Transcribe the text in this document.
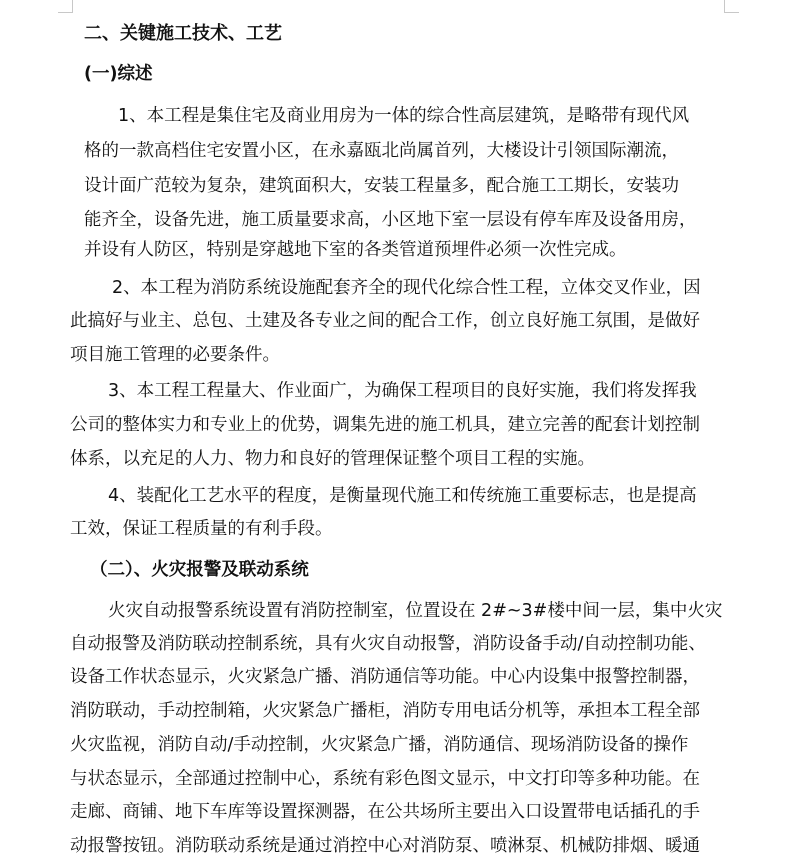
二、关键施工技术、工艺
(一)综述
1、本工程是集住宅及商业用房为一体的综合性高层建筑，是略带有现代风
格的一款高档住宅安置小区，在永嘉瓯北尚属首列，大楼设计引领国际潮流，
设计面广范较为复杂，建筑面积大，安装工程量多，配合施工工期长，安装功
能齐全，设备先进，施工质量要求高，小区地下室一层设有停车库及设备用房，
并设有人防区，特别是穿越地下室的各类管道预埋件必须一次性完成。
2、本工程为消防系统设施配套齐全的现代化综合性工程，立体交叉作业，因
此搞好与业主、总包、土建及各专业之间的配合工作，创立良好施工氛围，是做好
项目施工管理的必要条件。
3、本工程工程量大、作业面广，为确保工程项目的良好实施，我们将发挥我
公司的整体实力和专业上的优势，调集先进的施工机具，建立完善的配套计划控制
体系，以充足的人力、物力和良好的管理保证整个项目工程的实施。
4、装配化工艺水平的程度，是衡量现代施工和传统施工重要标志，也是提高
工效，保证工程质量的有利手段。
（二）、火灾报警及联动系统
火灾自动报警系统设置有消防控制室，位置设在 2#~3#楼中间一层，集中火灾
自动报警及消防联动控制系统，具有火灾自动报警，消防设备手动/自动控制功能、
设备工作状态显示，火灾紧急广播、消防通信等功能。中心内设集中报警控制器，
消防联动，手动控制箱，火灾紧急广播柜，消防专用电话分机等，承担本工程全部
火灾监视，消防自动/手动控制，火灾紧急广播，消防通信、现场消防设备的操作
与状态显示，全部通过控制中心，系统有彩色图文显示，中文打印等多种功能。在
走廊、商铺、地下车库等设置探测器，在公共场所主要出入口设置带电话插孔的手
动报警按钮。消防联动系统是通过消控中心对消防泵、喷淋泵、机械防排烟、暖通
